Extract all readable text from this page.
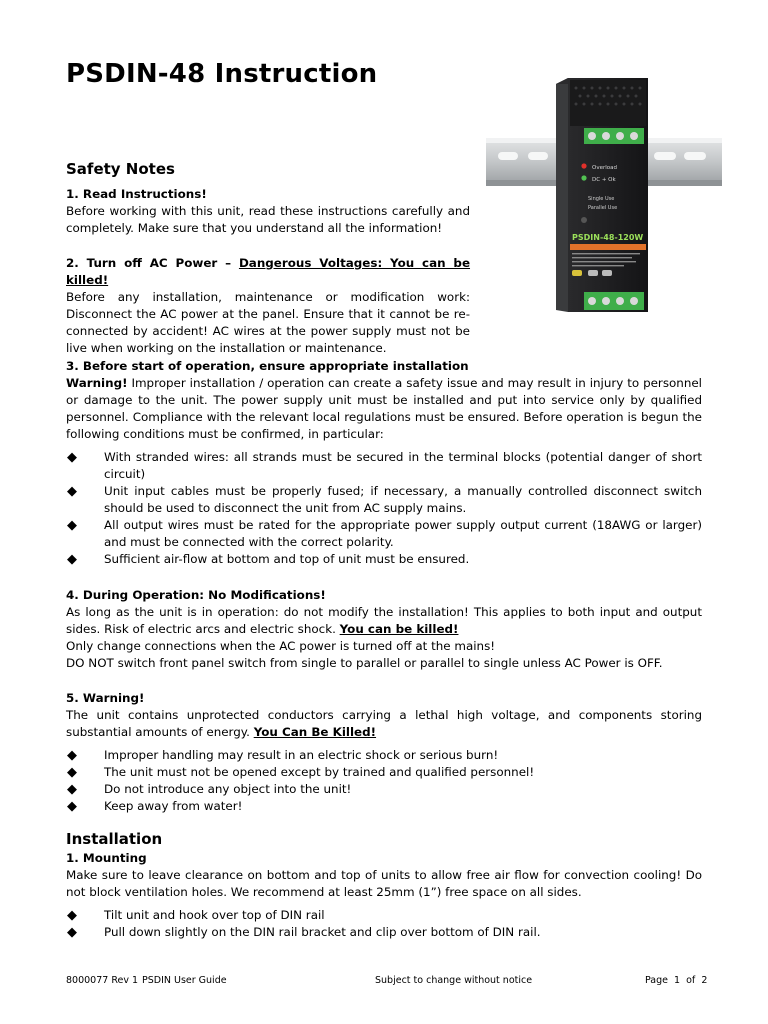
PSDIN-48 Instruction
Overload
DC + Ok
Single Use
Parallel Use
PSDIN-48-120W
Safety Notes

1. Read Instructions!
Before working with this unit, read these instructions carefully and completely. Make sure that you understand all the information!

2. Turn off AC Power – Dangerous Voltages: You can be killed!
Before any installation, maintenance or modification work: Disconnect the AC power at the panel. Ensure that it cannot be re-connected by accident! AC wires at the power supply must not be live when working on the installation or maintenance.

3. Before start of operation, ensure appropriate installation
Warning! Improper installation / operation can create a safety issue and may result in injury to personnel or damage to the unit. The power supply unit must be installed and put into service only by qualified personnel. Compliance with the relevant local regulations must be ensured. Before operation is begun the following conditions must be confirmed, in particular:

◆ With stranded wires: all strands must be secured in the terminal blocks (potential danger of short circuit)
◆ Unit input cables must be properly fused; if necessary, a manually controlled disconnect switch should be used to disconnect the unit from AC supply mains.
◆ All output wires must be rated for the appropriate power supply output current (18AWG or larger) and must be connected with the correct polarity.
◆ Sufficient air-flow at bottom and top of unit must be ensured.

4. During Operation: No Modifications!
As long as the unit is in operation: do not modify the installation! This applies to both input and output sides. Risk of electric arcs and electric shock. You can be killed!
Only change connections when the AC power is turned off at the mains!
DO NOT switch front panel switch from single to parallel or parallel to single unless AC Power is OFF.

5. Warning!
The unit contains unprotected conductors carrying a lethal high voltage, and components storing substantial amounts of energy. You Can Be Killed!

◆ Improper handling may result in an electric shock or serious burn!
◆ The unit must not be opened except by trained and qualified personnel!
◆ Do not introduce any object into the unit!
◆ Keep away from water!
Installation

1. Mounting
Make sure to leave clearance on bottom and top of units to allow free air flow for convection cooling! Do not block ventilation holes. We recommend at least 25mm (1”) free space on all sides.

◆ Tilt unit and hook over top of DIN rail
◆ Pull down slightly on the DIN rail bracket and clip over bottom of DIN rail.
8000077 Rev 1 PSDIN User Guide	Subject to change without notice	Page  1  of  2
